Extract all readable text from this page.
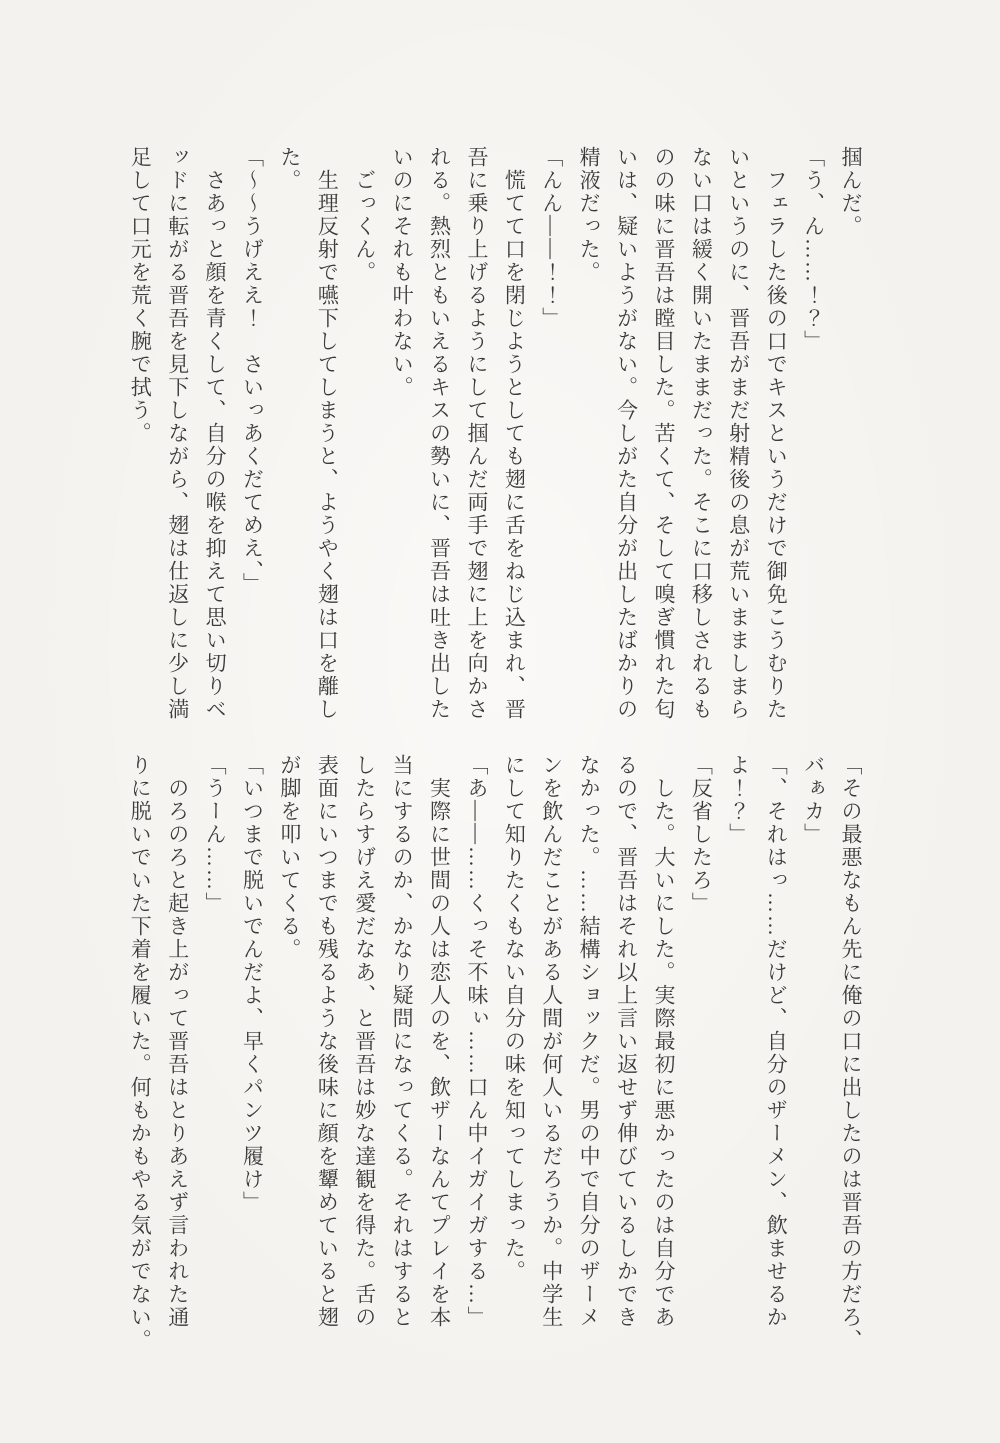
掴んだ。
「う、ん……！？」
フェラした後の口でキスというだけで御免こうむりた
いというのに、晋吾がまだ射精後の息が荒いまましまら
ない口は緩く開いたままだった。そこに口移しされるも
のの味に晋吾は瞠目した。苦くて、そして嗅ぎ慣れた匂
いは、疑いようがない。今しがた自分が出したばかりの
精液だった。
「んん――！！」
慌てて口を閉じようとしても翅に舌をねじ込まれ、晋
吾に乗り上げるようにして掴んだ両手で翅に上を向かさ
れる。熱烈ともいえるキスの勢いに、晋吾は吐き出した
いのにそれも叶わない。
ごっくん。
生理反射で嚥下してしまうと、ようやく翅は口を離し
た。
「～～うげええ！　さいっあくだてめえ、」
さあっと顔を青くして、自分の喉を抑えて思い切りベ
ッドに転がる晋吾を見下しながら、翅は仕返しに少し満
足して口元を荒く腕で拭う。
「その最悪なもん先に俺の口に出したのは晋吾の方だろ、
バぁカ」
「、それはっ……だけど、自分のザーメン、飲ませるか
よ！？」
「反省したろ」
した。大いにした。実際最初に悪かったのは自分であ
るので、晋吾はそれ以上言い返せず伸びているしかでき
なかった。……結構ショックだ。男の中で自分のザーメ
ンを飲んだことがある人間が何人いるだろうか。中学生
にして知りたくもない自分の味を知ってしまった。
「あ――……くっそ不味ぃ……口ん中イガイガする…」
実際に世間の人は恋人のを、飲ザーなんてプレイを本
当にするのか、かなり疑問になってくる。それはすると
したらすげえ愛だなあ、と晋吾は妙な達観を得た。舌の
表面にいつまでも残るような後味に顔を顰めていると翅
が脚を叩いてくる。
「いつまで脱いでんだよ、早くパンツ履け」
「うーん……」
のろのろと起き上がって晋吾はとりあえず言われた通
りに脱いでいた下着を履いた。何もかもやる気がでない。
